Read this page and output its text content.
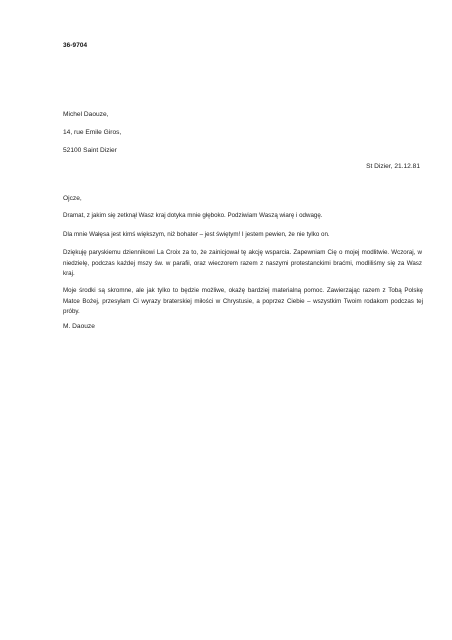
36-9704
Michel Daouze,
14, rue Emile Giros,
52100 Saint Dizier
St Dizier, 21.12.81
Ojcze,

Dramat, z jakim się zetknął Wasz kraj dotyka mnie głęboko. Podziwiam Waszą wiarę i odwagę.

Dla mnie Wałęsa jest kimś większym, niż bohater – jest świętym! I jestem pewien, że nie tylko on.

Dziękuję paryskiemu dziennikowi La Croix za to, że zainicjował tę akcję wsparcia. Zapewniam Cię o mojej modlitwie. Wczoraj, w niedzielę, podczas każdej mszy św. w parafii, oraz wieczorem razem z naszymi protestanckimi braćmi, modliliśmy się za Wasz kraj.

Moje środki są skromne, ale jak tylko to będzie możliwe, okażę bardziej materialną pomoc. Zawierzając razem z Tobą Polskę Matce Bożej, przesyłam Ci wyrazy braterskiej miłości w Chrystusie, a poprzez Ciebie – wszystkim Twoim rodakom podczas tej próby.

M. Daouze
